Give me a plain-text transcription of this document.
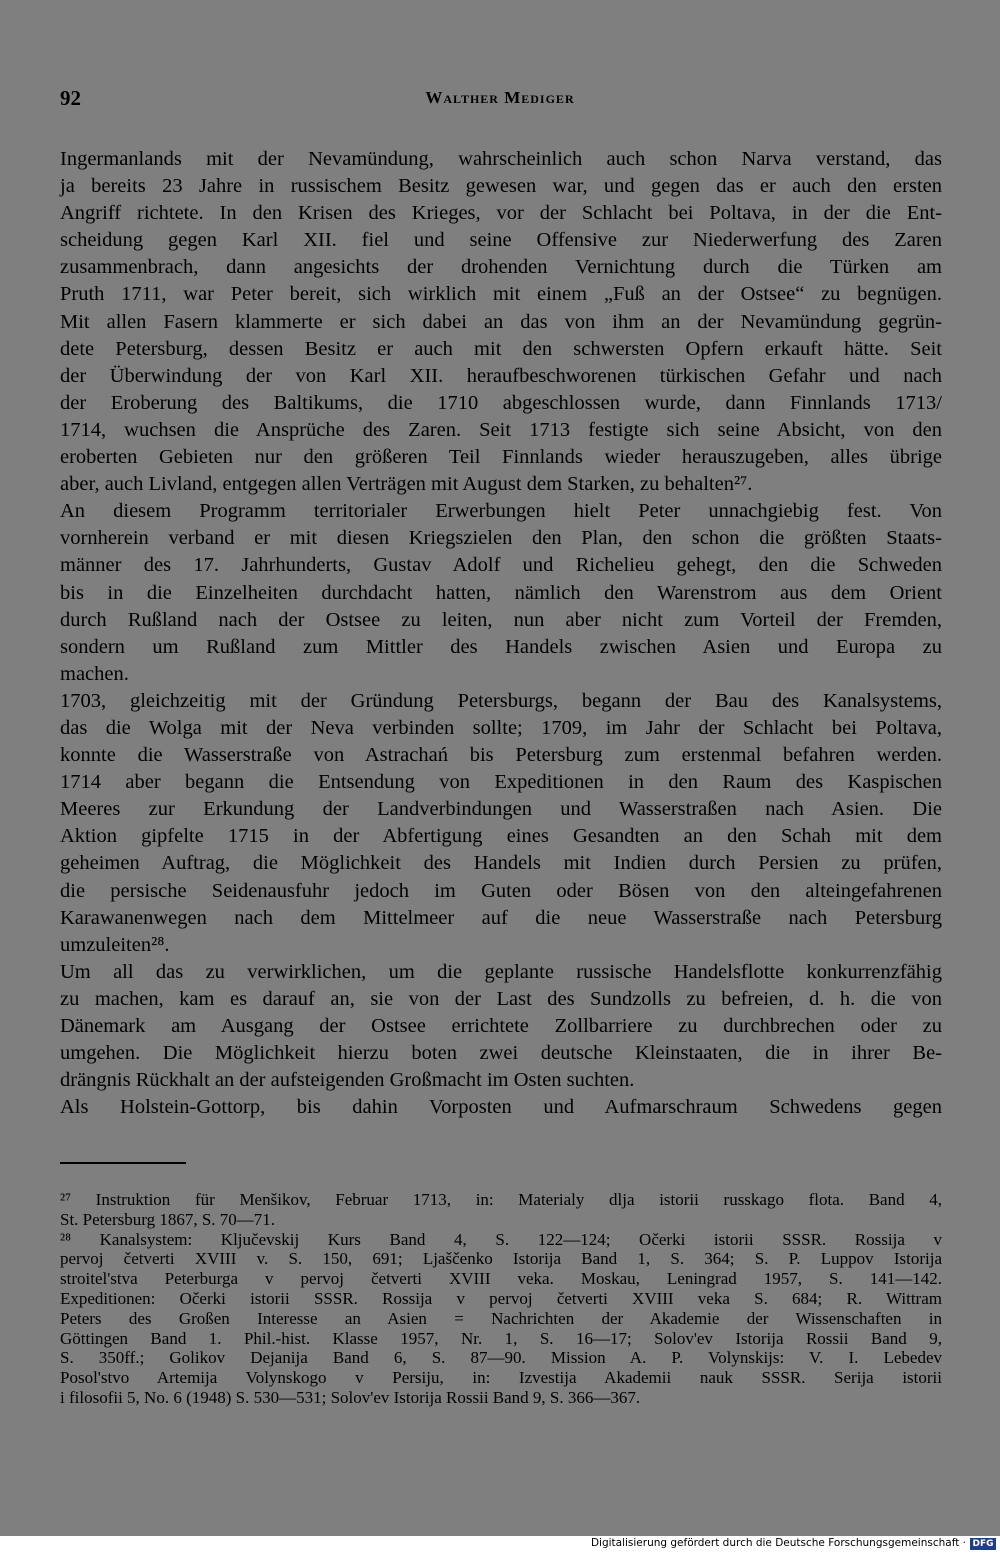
92	Walther Mediger
Ingermanlands mit der Nevamündung, wahrscheinlich auch schon Narva verstand, das
ja bereits 23 Jahre in russischem Besitz gewesen war, und gegen das er auch den ersten
Angriff richtete. In den Krisen des Krieges, vor der Schlacht bei Poltava, in der die Ent-
scheidung gegen Karl XII. fiel und seine Offensive zur Niederwerfung des Zaren
zusammenbrach, dann angesichts der drohenden Vernichtung durch die Türken am
Pruth 1711, war Peter bereit, sich wirklich mit einem „Fuß an der Ostsee“ zu begnügen.
Mit allen Fasern klammerte er sich dabei an das von ihm an der Nevamündung gegrün-
dete Petersburg, dessen Besitz er auch mit den schwersten Opfern erkauft hätte. Seit
der Überwindung der von Karl XII. heraufbeschworenen türkischen Gefahr und nach
der Eroberung des Baltikums, die 1710 abgeschlossen wurde, dann Finnlands 1713/
1714, wuchsen die Ansprüche des Zaren. Seit 1713 festigte sich seine Absicht, von den
eroberten Gebieten nur den größeren Teil Finnlands wieder herauszugeben, alles übrige
aber, auch Livland, entgegen allen Verträgen mit August dem Starken, zu behalten²⁷.
An diesem Programm territorialer Erwerbungen hielt Peter unnachgiebig fest. Von
vornherein verband er mit diesen Kriegszielen den Plan, den schon die größten Staats-
männer des 17. Jahrhunderts, Gustav Adolf und Richelieu gehegt, den die Schweden
bis in die Einzelheiten durchdacht hatten, nämlich den Warenstrom aus dem Orient
durch Rußland nach der Ostsee zu leiten, nun aber nicht zum Vorteil der Fremden,
sondern um Rußland zum Mittler des Handels zwischen Asien und Europa zu
machen.
1703, gleichzeitig mit der Gründung Petersburgs, begann der Bau des Kanalsystems,
das die Wolga mit der Neva verbinden sollte; 1709, im Jahr der Schlacht bei Poltava,
konnte die Wasserstraße von Astrachań bis Petersburg zum erstenmal befahren werden.
1714 aber begann die Entsendung von Expeditionen in den Raum des Kaspischen
Meeres zur Erkundung der Landverbindungen und Wasserstraßen nach Asien. Die
Aktion gipfelte 1715 in der Abfertigung eines Gesandten an den Schah mit dem
geheimen Auftrag, die Möglichkeit des Handels mit Indien durch Persien zu prüfen,
die persische Seidenausfuhr jedoch im Guten oder Bösen von den alteingefahrenen
Karawanenwegen nach dem Mittelmeer auf die neue Wasserstraße nach Petersburg
umzuleiten²⁸.
Um all das zu verwirklichen, um die geplante russische Handelsflotte konkurrenzfähig
zu machen, kam es darauf an, sie von der Last des Sundzolls zu befreien, d. h. die von
Dänemark am Ausgang der Ostsee errichtete Zollbarriere zu durchbrechen oder zu
umgehen. Die Möglichkeit hierzu boten zwei deutsche Kleinstaaten, die in ihrer Be-
drängnis Rückhalt an der aufsteigenden Großmacht im Osten suchten.
Als Holstein-Gottorp, bis dahin Vorposten und Aufmarschraum Schwedens gegen
²⁷ Instruktion für Menšikov, Februar 1713, in: Materialy dlja istorii russkago flota. Band 4,
St. Petersburg 1867, S. 70—71.
²⁸ Kanalsystem: Ključevskij Kurs Band 4, S. 122—124; Očerki istorii SSSR. Rossija v
pervoj četverti XVIII v. S. 150, 691; Ljaščenko Istorija Band 1, S. 364; S. P. Luppov Istorija
stroitel'stva Peterburga v pervoj četverti XVIII veka. Moskau, Leningrad 1957, S. 141—142.
Expeditionen: Očerki istorii SSSR. Rossija v pervoj četverti XVIII veka S. 684; R. Wittram
Peters des Großen Interesse an Asien = Nachrichten der Akademie der Wissenschaften in
Göttingen Band 1. Phil.-hist. Klasse 1957, Nr. 1, S. 16—17; Solov'ev Istorija Rossii Band 9,
S. 350ff.; Golikov Dejanija Band 6, S. 87—90. Mission A. P. Volynskijs: V. I. Lebedev
Posol'stvo Artemija Volynskogo v Persiju, in: Izvestija Akademii nauk SSSR. Serija istorii
i filosofii 5, No. 6 (1948) S. 530—531; Solov'ev Istorija Rossii Band 9, S. 366—367.
Digitalisierung gefördert durch die Deutsche Forschungsgemeinschaft · DFG
